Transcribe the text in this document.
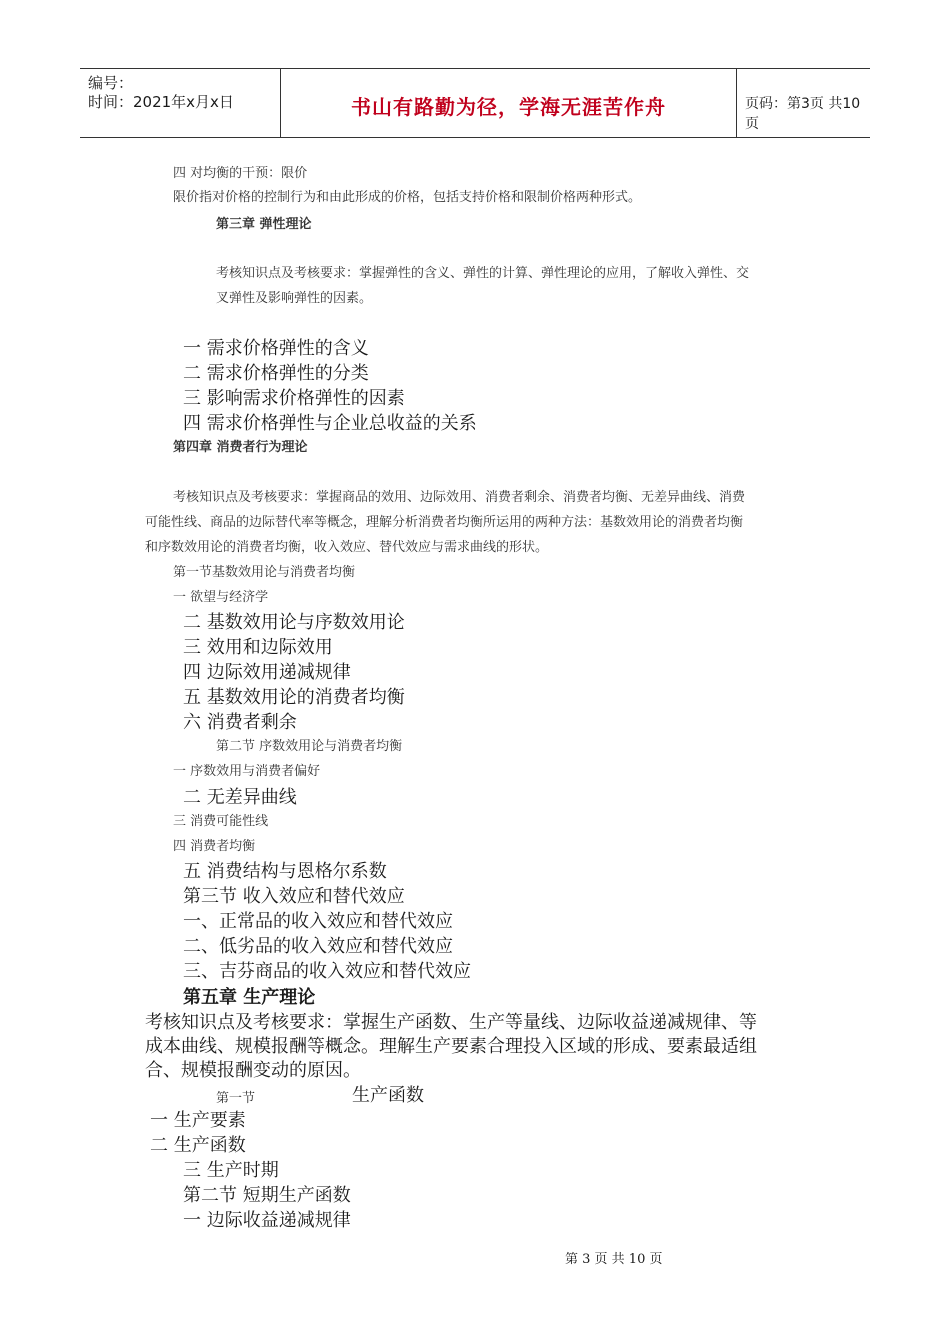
编号：
时间：2021年x月x日	书山有路勤为径，学海无涯苦作舟	页码：第3页 共10页
四 对均衡的干预：限价
限价指对价格的控制行为和由此形成的价格，包括支持价格和限制价格两种形式。
第三章 弹性理论
考核知识点及考核要求：掌握弹性的含义、弹性的计算、弹性理论的应用，了解收入弹性、交
叉弹性及影响弹性的因素。
一 需求价格弹性的含义
二 需求价格弹性的分类
三 影响需求价格弹性的因素
四 需求价格弹性与企业总收益的关系
第四章 消费者行为理论
考核知识点及考核要求：掌握商品的效用、边际效用、消费者剩余、消费者均衡、无差异曲线、消费
可能性线、商品的边际替代率等概念，理解分析消费者均衡所运用的两种方法：基数效用论的消费者均衡
和序数效用论的消费者均衡，收入效应、替代效应与需求曲线的形状。
第一节基数效用论与消费者均衡
一 欲望与经济学
二 基数效用论与序数效用论
三 效用和边际效用
四 边际效用递减规律
五 基数效用论的消费者均衡
六 消费者剩余
第二节 序数效用论与消费者均衡
一 序数效用与消费者偏好
二 无差异曲线
三 消费可能性线
四 消费者均衡
五 消费结构与恩格尔系数
第三节 收入效应和替代效应
一、正常品的收入效应和替代效应
二、低劣品的收入效应和替代效应
三、吉芬商品的收入效应和替代效应
第五章 生产理论
考核知识点及考核要求：掌握生产函数、生产等量线、边际收益递减规律、等
成本曲线、规模报酬等概念。理解生产要素合理投入区域的形成、要素最适组
合、规模报酬变动的原因。
第一节	生产函数
一 生产要素
二 生产函数
三 生产时期
第二节 短期生产函数
一 边际收益递减规律
第 3 页 共 10 页
